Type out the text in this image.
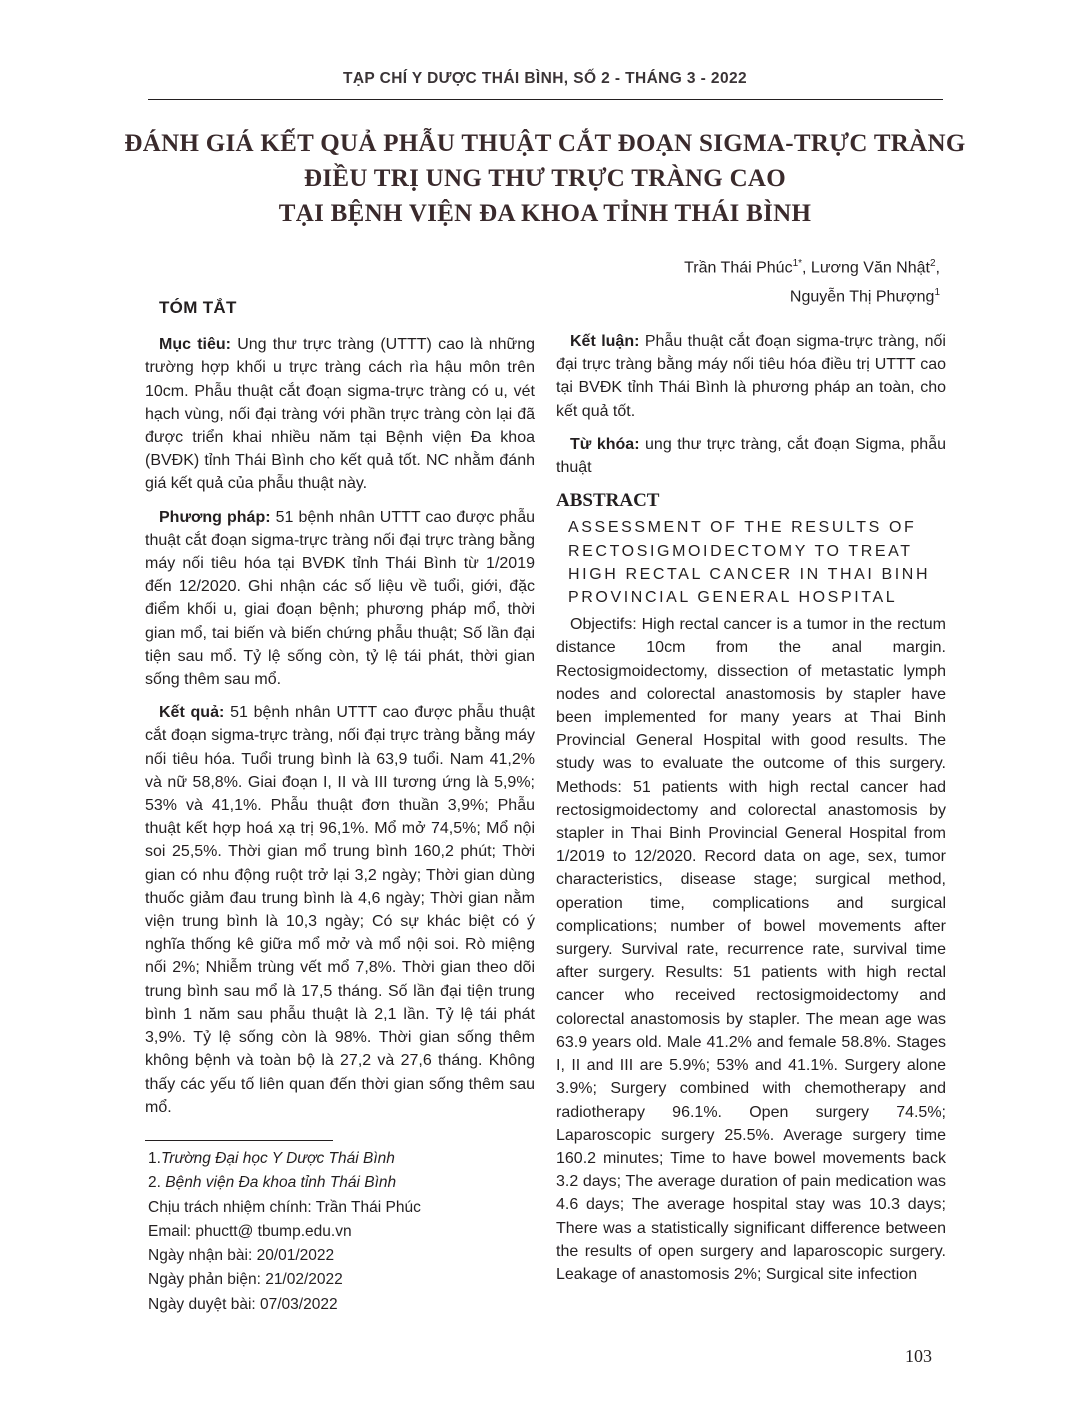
TẠP CHÍ Y DƯỢC THÁI BÌNH, SỐ 2 - THÁNG 3 - 2022
ĐÁNH GIÁ KẾT QUẢ PHẪU THUẬT CẮT ĐOẠN SIGMA-TRỰC TRÀNG
ĐIỀU TRỊ UNG THƯ TRỰC TRÀNG CAO
TẠI BỆNH VIỆN ĐA KHOA TỈNH THÁI BÌNH
Trần Thái Phúc$^{1*}$, Lương Văn Nhật$^2$,
Nguyễn Thị Phượng$^1$
TÓM TẮT

Mục tiêu: Ung thư trực tràng (UTTT) cao là những trường hợp khối u trực tràng cách rìa hậu môn trên 10cm. Phẫu thuật cắt đoạn sigma-trực tràng có u, vét hạch vùng, nối đại tràng với phần trực tràng còn lại đã được triển khai nhiều năm tại Bệnh viện Đa khoa (BVĐK) tỉnh Thái Bình cho kết quả tốt. NC nhằm đánh giá kết quả của phẫu thuật này.

Phương pháp: 51 bệnh nhân UTTT cao được phẫu thuật cắt đoạn sigma-trực tràng nối đại trực tràng bằng máy nối tiêu hóa tại BVĐK tỉnh Thái Bình từ 1/2019 đến 12/2020. Ghi nhận các số liệu về tuổi, giới, đặc điểm khối u, giai đoạn bệnh; phương pháp mổ, thời gian mổ, tai biến và biến chứng phẫu thuật; Số lần đại tiện sau mổ. Tỷ lệ sống còn, tỷ lệ tái phát, thời gian sống thêm sau mổ.

Kết quả: 51 bệnh nhân UTTT cao được phẫu thuật cắt đoạn sigma-trực tràng, nối đại trực tràng bằng máy nối tiêu hóa. Tuổi trung bình là 63,9 tuổi. Nam 41,2% và nữ 58,8%. Giai đoạn I, II và III tương ứng là 5,9%; 53% và 41,1%. Phẫu thuật đơn thuần 3,9%; Phẫu thuật kết hợp hoá xạ trị 96,1%. Mổ mở 74,5%; Mổ nội soi 25,5%. Thời gian mổ trung bình 160,2 phút; Thời gian có nhu động ruột trở lại 3,2 ngày; Thời gian dùng thuốc giảm đau trung bình là 4,6 ngày; Thời gian nằm viện trung bình là 10,3 ngày; Có sự khác biệt có ý nghĩa thống kê giữa mổ mở và mổ nội soi. Rò miệng nối 2%; Nhiễm trùng vết mổ 7,8%. Thời gian theo dõi trung bình sau mổ là 17,5 tháng. Số lần đại tiện trung bình 1 năm sau phẫu thuật là 2,1 lần. Tỷ lệ tái phát 3,9%. Tỷ lệ sống còn là 98%. Thời gian sống thêm không bệnh và toàn bộ là 27,2 và 27,6 tháng. Không thấy các yếu tố liên quan đến thời gian sống thêm sau mổ.

Kết luận: Phẫu thuật cắt đoạn sigma-trực tràng, nối đại trực tràng bằng máy nối tiêu hóa điều trị UTTT cao tại BVĐK tỉnh Thái Bình là phương pháp an toàn, cho kết quả tốt.

Từ khóa: ung thư trực tràng, cắt đoạn Sigma, phẫu thuật

ABSTRACT
ASSESSMENT OF THE RESULTS OF RECTOSIGMOIDECTOMY TO TREAT HIGH RECTAL CANCER IN THAI BINH PROVINCIAL GENERAL HOSPITAL

Objectifs: High rectal cancer is a tumor in the rectum distance 10cm from the anal margin. Rectosigmoidectomy, dissection of metastatic lymph nodes and colorectal anastomosis by stapler have been implemented for many years at Thai Binh Provincial General Hospital with good results. The study was to evaluate the outcome of this surgery. Methods: 51 patients with high rectal cancer had rectosigmoidectomy and colorectal anastomosis by stapler in Thai Binh Provincial General Hospital from 1/2019 to 12/2020. Record data on age, sex, tumor characteristics, disease stage; surgical method, operation time, complications and surgical complications; number of bowel movements after surgery. Survival rate, recurrence rate, survival time after surgery. Results: 51 patients with high rectal cancer who received rectosigmoidectomy and colorectal anastomosis by stapler. The mean age was 63.9 years old. Male 41.2% and female 58.8%. Stages I, II and III are 5.9%; 53% and 41.1%. Surgery alone 3.9%; Surgery combined with chemotherapy and radiotherapy 96.1%. Open surgery 74.5%; Laparoscopic surgery 25.5%. Average surgery time 160.2 minutes; Time to have bowel movements back 3.2 days; The average duration of pain medication was 4.6 days; The average hospital stay was 10.3 days; There was a statistically significant difference between the results of open surgery and laparoscopic surgery. Leakage of anastomosis 2%; Surgical site infection

1.Trường Đại học Y Dược Thái Bình
2. Bệnh viện Đa khoa tỉnh Thái Bình
Chịu trách nhiệm chính: Trần Thái Phúc
Email: phuctt@ tbump.edu.vn
Ngày nhận bài: 20/01/2022
Ngày phản biện: 21/02/2022
Ngày duyệt bài: 07/03/2022
103
